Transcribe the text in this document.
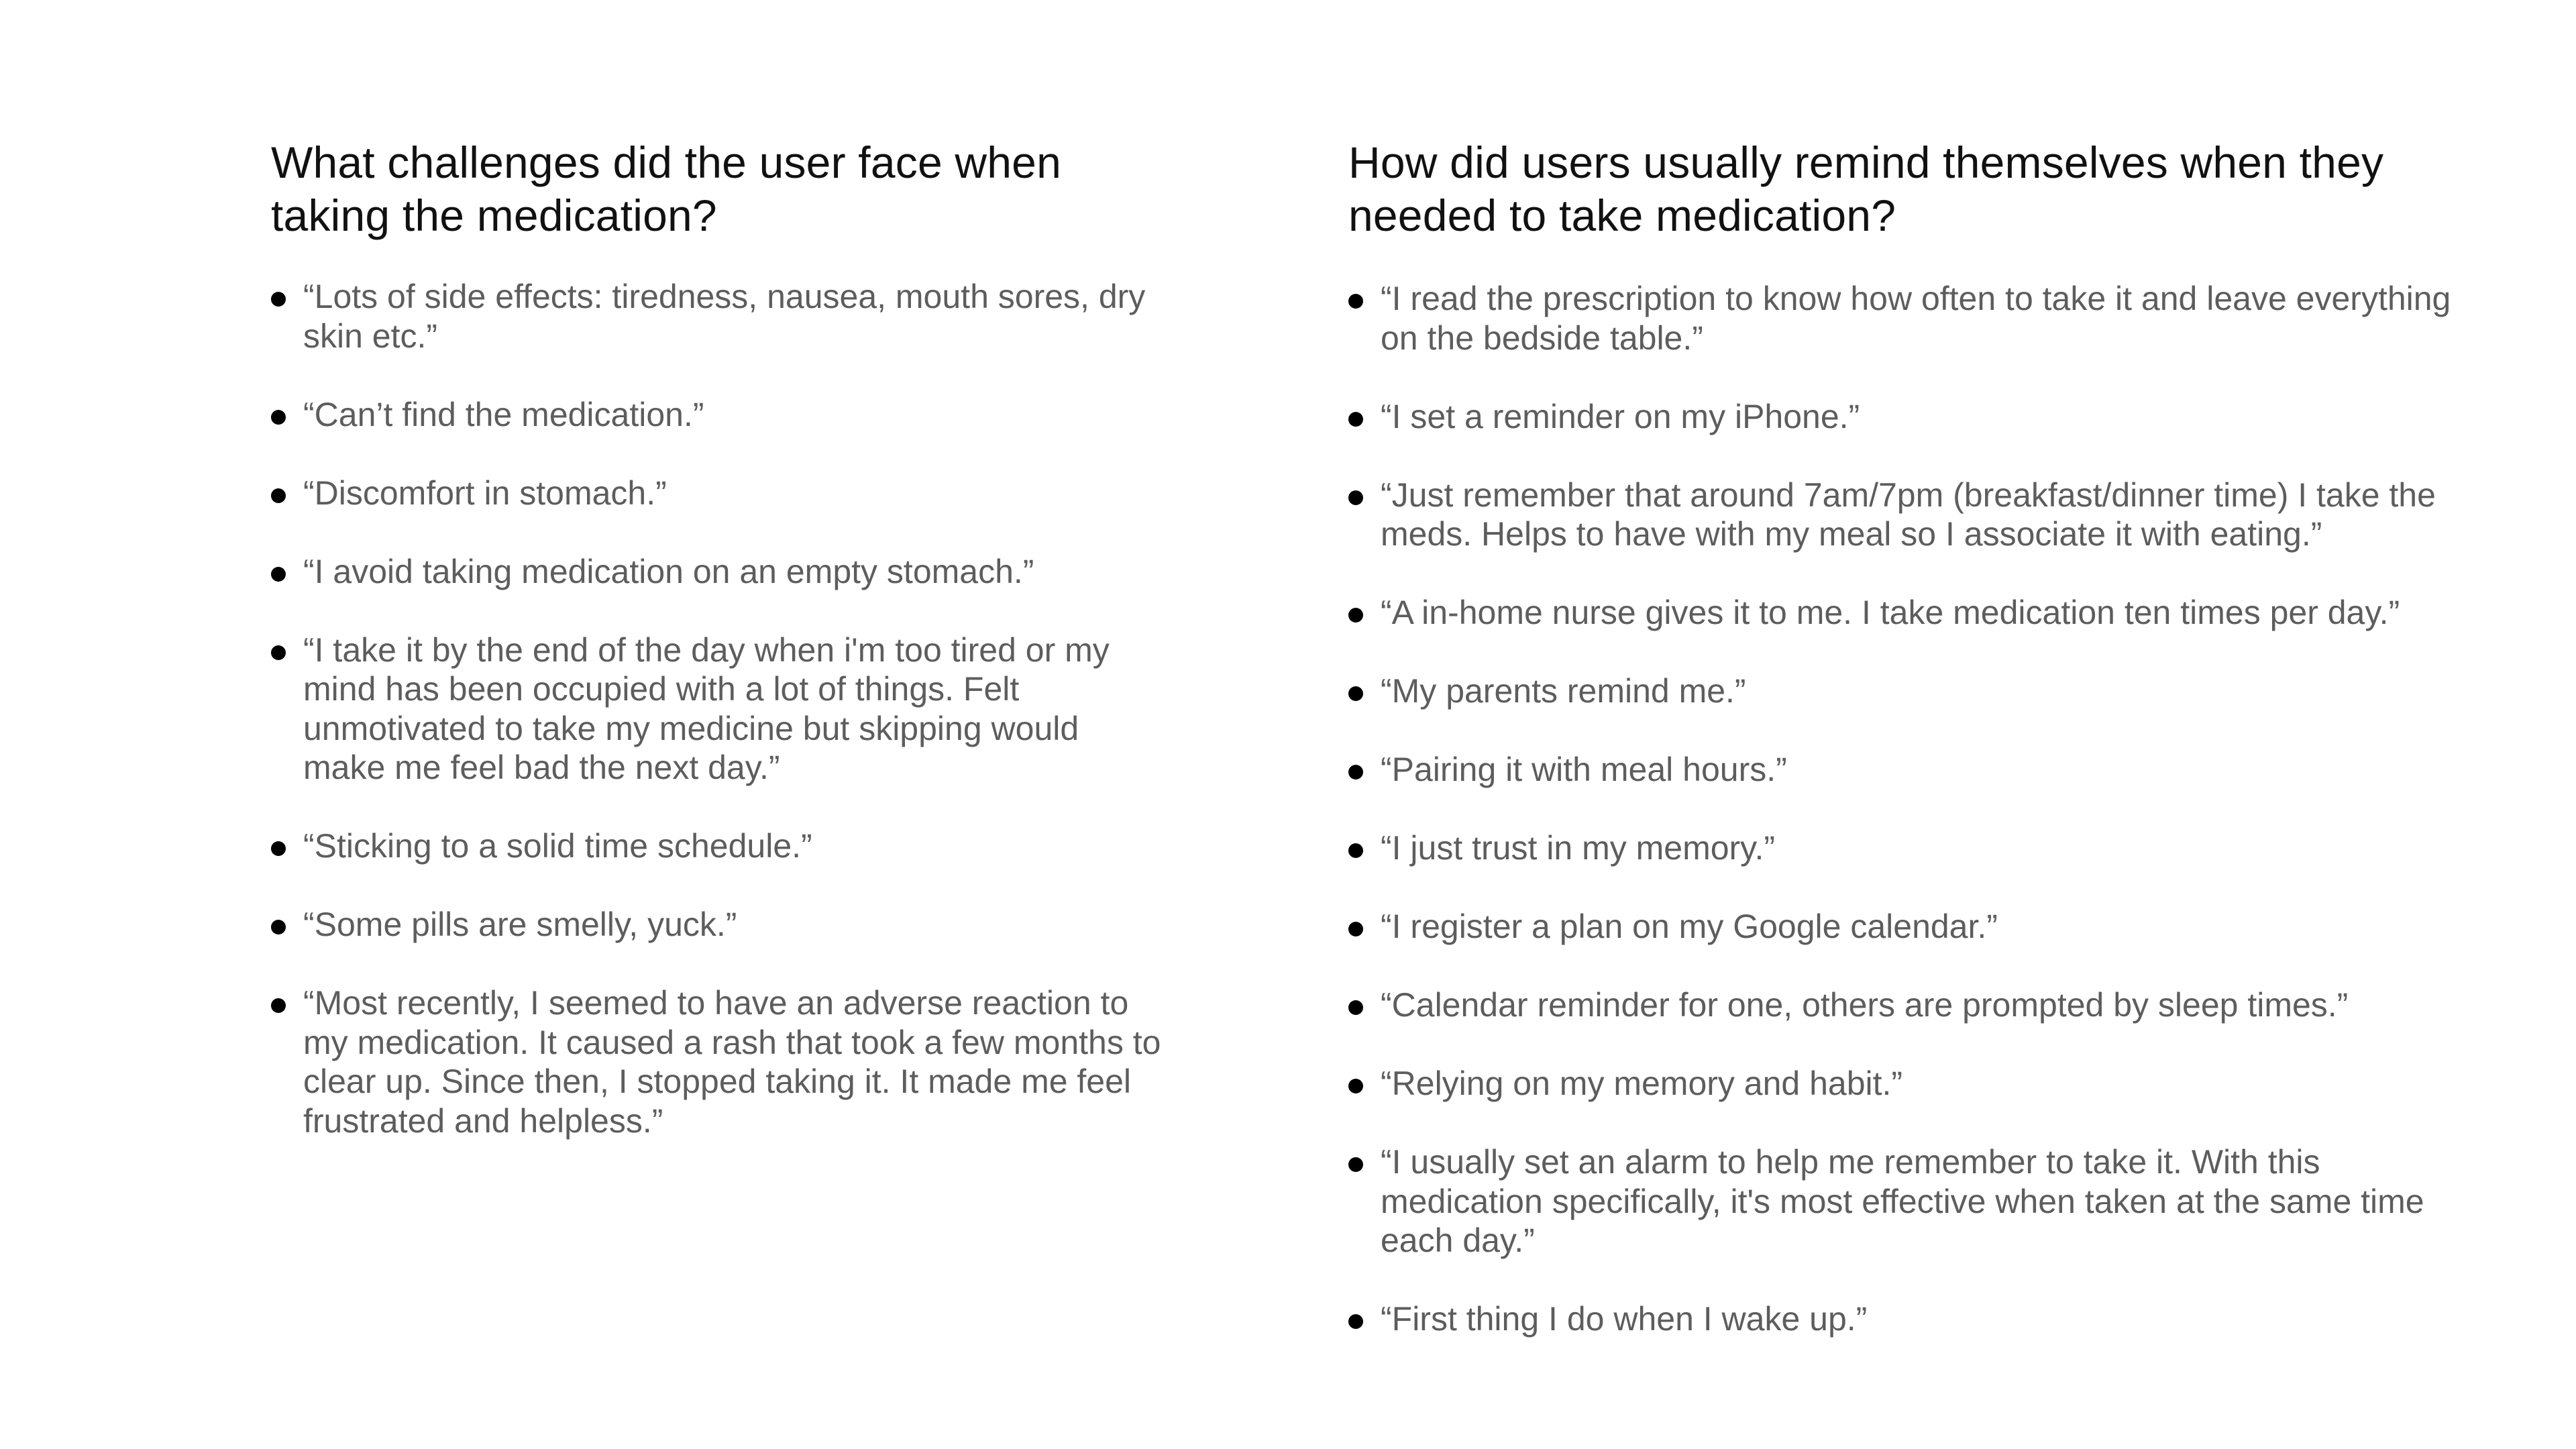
What challenges did the user face when taking the medication?
“Lots of side effects: tiredness, nausea, mouth sores, dry skin etc.”
“Can’t find the medication.”
“Discomfort in stomach.”
“I avoid taking medication on an empty stomach.”
“I take it by the end of the day when i'm too tired or my mind has been occupied with a lot of things. Felt unmotivated to take my medicine but skipping would make me feel bad the next day.”
“Sticking to a solid time schedule.”
“Some pills are smelly, yuck.”
“Most recently, I seemed to have an adverse reaction to my medication. It caused a rash that took a few months to clear up. Since then, I stopped taking it. It made me feel frustrated and helpless.”
How did users usually remind themselves when they needed to take medication?
“I read the prescription to know how often to take it and leave everything on the bedside table.”
“I set a reminder on my iPhone.”
“Just remember that around 7am/7pm (breakfast/dinner time) I take the meds. Helps to have with my meal so I associate it with eating.”
“A in-home nurse gives it to me. I take medication ten times per day.”
“My parents remind me.”
“Pairing it with meal hours.”
“I just trust in my memory.”
“I register a plan on my Google calendar.”
“Calendar reminder for one, others are prompted by sleep times.”
“Relying on my memory and habit.”
“I usually set an alarm to help me remember to take it. With this medication specifically, it's most effective when taken at the same time each day.”
“First thing I do when I wake up.”
